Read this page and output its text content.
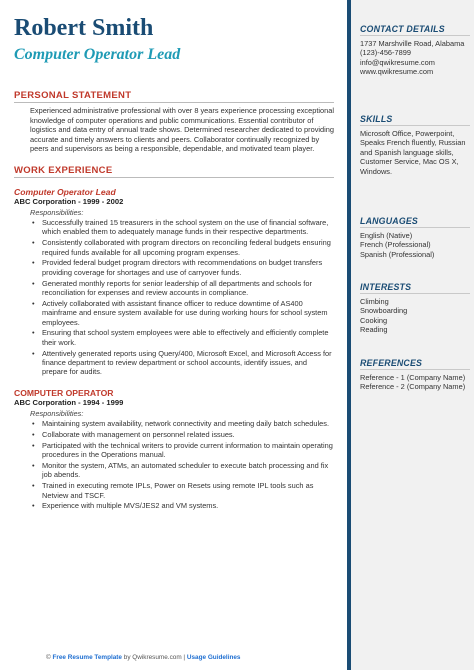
Robert Smith
Computer Operator Lead
PERSONAL STATEMENT
Experienced administrative professional with over 8 years experience processing exceptional knowledge of computer operations and public communications. Essential contributor of logistics and data entry of annual trade shows. Determined researcher dedicated to providing accurate and timely answers to clients and peers. Collaborator continually recognized by peers and supervisors as being a responsible, dependable, and motivated team player.
WORK EXPERIENCE
Computer Operator Lead
ABC Corporation - 1999 - 2002
Responsibilities:
• Successfully trained 15 treasurers in the school system on the use of financial software, which enabled them to adequately manage funds in their respective departments.
• Consistently collaborated with program directors on reconciling federal budgets ensuring required funds available for all upcoming program expenses.
• Provided federal budget program directors with recommendations on budget transfers providing coverage for shortages and use of carryover funds.
• Generated monthly reports for senior leadership of all departments and schools for reconciliation for expenses and review accounts in compliance.
• Actively collaborated with assistant finance officer to reduce downtime of AS400 mainframe and ensure system available for use during working hours for school system employees.
• Ensuring that school system employees were able to effectively and efficiently complete their work.
• Attentively generated reports using Query/400, Microsoft Excel, and Microsoft Access for finance department to review department or school accounts, identify issues, and prepare for audits.
COMPUTER OPERATOR
ABC Corporation - 1994 - 1999
Responsibilities:
• Maintaining system availability, network connectivity and meeting daily batch schedules.
• Collaborate with management on personnel related issues.
• Participated with the technical writers to provide current information to maintain operating procedures in the Operations manual.
• Monitor the system, ATMs, an automated scheduler to execute batch processing and fix job abends.
• Trained in executing remote IPLs, Power on Resets using remote IPL tools such as Netview and TSCF.
• Experience with multiple MVS/JES2 and VM systems.
CONTACT DETAILS
1737 Marshville Road, Alabama
(123)-456-7899
info@qwikresume.com
www.qwikresume.com
SKILLS
Microsoft Office, Powerpoint, Speaks French fluently, Russian and Spanish language skills, Customer Service, Mac OS X, Windows.
LANGUAGES
English (Native)
French (Professional)
Spanish (Professional)
INTERESTS
Climbing
Snowboarding
Cooking
Reading
REFERENCES
Reference - 1 (Company Name)
Reference - 2 (Company Name)
© Free Resume Template by Qwikresume.com | Usage Guidelines
